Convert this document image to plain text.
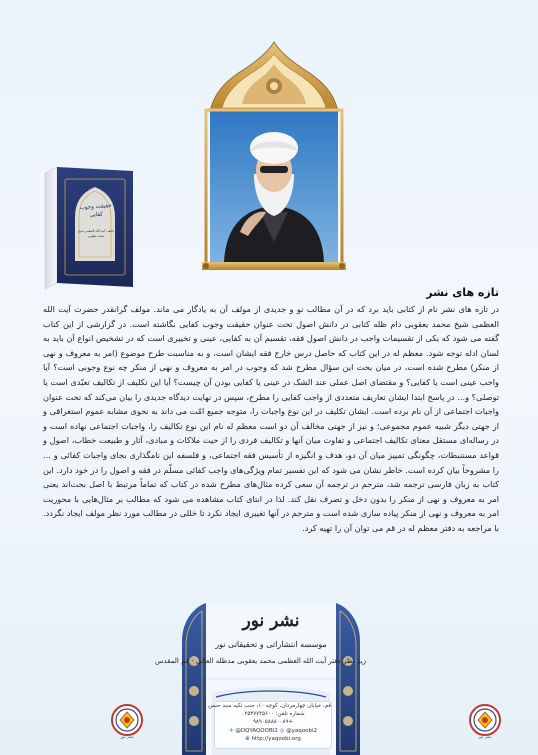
حقیقت وجوب کفایی
تالیف: آیت الله العظمی شیخ محمد یعقوبی
تازه های نشر

در تازه های نشر نام از کتابی باید برد که در آن مطالب نو و جدیدی از مولف آن به یادگار می ماند. مولف گرانقدر حضرت آیت الله العظمی شیخ محمد یعقوبی دام ظله کتابی در دانش اصول تحت عنوان حقیقت وجوب کفایی نگاشته است. در گزارشی از این کتاب گفته می شود که یکی از تقسیمات واجب در دانش اصول فقه، تقسیم آن به کفایی، عینی و تخییری است که در تشخیص انواع آن باید به لسان ادله توجه شود. معظم له در این کتاب که حاصل درس خارج فقه ایشان است، و به مناسبت طرح موضوع (امر به معروف و نهی از منکر) مطرح شده است، در میان بحث این سؤال مطرح شد که وجوب در امر به معروف و نهی از منکر چه نوع وجوبی است؟ آیا واجب عینی است یا کفایی؟ و مقتضای اصل عملی عند الشک در عینی یا کفایی بودن آن چیست؟ آیا این تکلیف از تکالیف تعبّدی است یا توصلی؟ و... در پاسخ ابتدا ایشان تعاریف متعددی از واجب کفایی را مطرح، سپس در نهایت دیدگاه جدیدی را بیان می‌کند که تحت عنوان واجبات اجتماعی از آن نام برده است. ایشان تکلیف در این نوع واجبات را، متوجه جمیع امّت می داند به نحوی مشابه عموم استغراقی و از جهتی دیگر شبیه عموم مجموعی؛ و نیز از جهتی مخالف آن دو است معظم له نام این نوع تکالیف را، واجبات اجتماعی نهاده است و در رساله‌ای مستقل معنای تکالیف اجتماعی و تفاوت میان آنها و تکالیف فردی را از حیث ملاکات و مبادی، آثار و طبیعت خطاب، اصول و قواعد مستنبطات، چگونگی تمییز میان آن دو، هدف و انگیزه از تأسیس فقه اجتماعی، و فلسفه این نامگذاری بجای واجبات کفائی و ... را مشروحاً بیان کرده است. خاطر نشان می شود که این تفسیر تمام ویژگی‌های واجب کفائی مسلّم در فقه و اصول را در خود دارد. این کتاب به زبان فارسی ترجمه شد، مترجم در ترجمه آن سعی کرده مثال‌های مطرح شده در کتاب که تماماً مرتبط با اصل بحث‌اند یعنی امر به معروف و نهی از منکر را بدون دخل و تصرف نقل کند. لذا در انتای کتاب مشاهده می شود که مطالب بر مثال‌هایی با محوریت امر به معروف و نهی از منکر پیاده سازی شده است و مترجم در آنها تغییری ایجاد نکرد تا خللی در مطالب مورد نظر مولف ایجاد نگردد. با مراجعه به دفتر معظم له در قم می توان آن را تهیه کرد.

نشر نور
موسسه انتشاراتی و تحقیقاتی نور
زیر نظر دفتر آیت الله العظمی محمد یعقوبی مدظله العالی - قم المقدس
قم، خیابان چهارمردان، کوچه ۱۰، جنب تکیه سید حسن
شماره تلفن: ۰۲۵۳۷۷۴۵۶۰۰
+۹۸۹۰۵۸۸۸۰۰۸۹
✈ @DQYAQOOBI2 ◎ @yaqoobi2
⊕ http://yaqoobi.org
نشر نور	نشر نور
